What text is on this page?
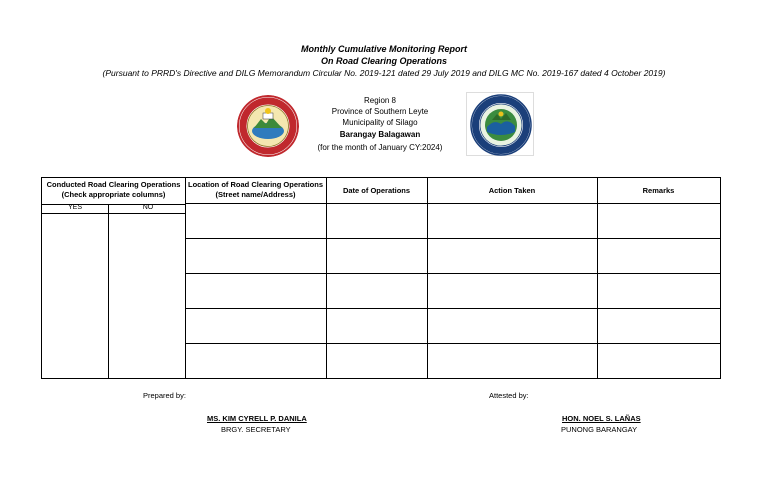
Monthly Cumulative Monitoring Report
On Road Clearing Operations
(Pursuant to PRRD's Directive and DILG Memorandum Circular No. 2019-121 dated 29 July 2019 and DILG MC No. 2019-167 dated 4 October 2019)
Region 8
Province of Southern Leyte
Municipality of Silago
Barangay Balagawan
(for the month of January CY:2024)
Conducted Road Clearing Operations
(Check appropriate columns)
YES	NO
Location of Road Clearing Operations
(Street name/Address)	Date of Operations	Action Taken	Remarks
Prepared by:
MS. KIM CYRELL P. DANILA
BRGY. SECRETARY
Attested by:
HON. NOEL S. LAÑAS
PUNONG BARANGAY
